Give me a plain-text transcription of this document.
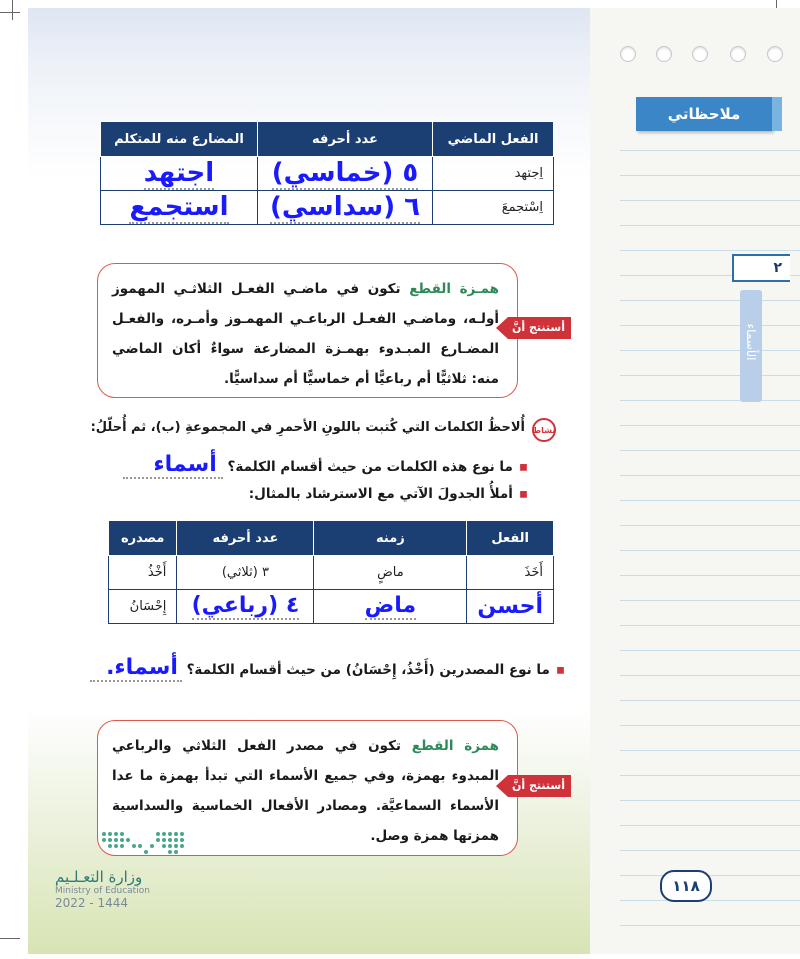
ملاحظاتي
٢
الأسماء
الفعل الماضي	عدد أحرفه	المضارع منه للمتكلم
اِجتهد	٥ (خماسي)	اجتهد
اِسْتجمعَ	٦ (سداسي)	استجمع
همـزة القطع تكون في ماضـي الفعـل الثلاثـي المهموز أولـه، وماضـي الفعـل الرباعـي المهمـوز وأمـره، والفعـل المضـارع المبـدوء بهمـزة المضارعة سواءٌ أكان الماضي منه: ثلاثيًّا أم رباعيًّا أم خماسيًّا أم سداسيًّا.
أستنتج أنَّ
نشاط
أُلاحظُ الكلمات التي كُتبت باللونِ الأحمرِ في المجموعةِ (ب)، ثم أُحلّلُ:
▪ما نوع هذه الكلمات من حيث أقسام الكلمة؟ أسماء
▪أملأُ الجدولَ الآتي مع الاسترشاد بالمثال:
الفعل	زمنه	عدد أحرفه	مصدره
أَخَذَ	ماضٍ	٣ (ثلاثي)	أَخْذُ
أحسن	ماض	٤ (رباعي)	إِحْسَانُ
▪ما نوع المصدرين (أَخْذُ، إِحْسَانُ) من حيث أقسام الكلمة؟ أسماء.
همزة القطع تكون في مصدر الفعل الثلاثي والرباعي المبدوء بهمزة، وفي جميع الأسماء التي تبدأ بهمزة ما عدا الأسماء السماعيَّة. ومصادر الأفعال الخماسية والسداسية همزتها همزة وصل.
أستنتج أنَّ
وزارة التعـلـيم
Ministry of Education
2022 - 1444
١١٨
